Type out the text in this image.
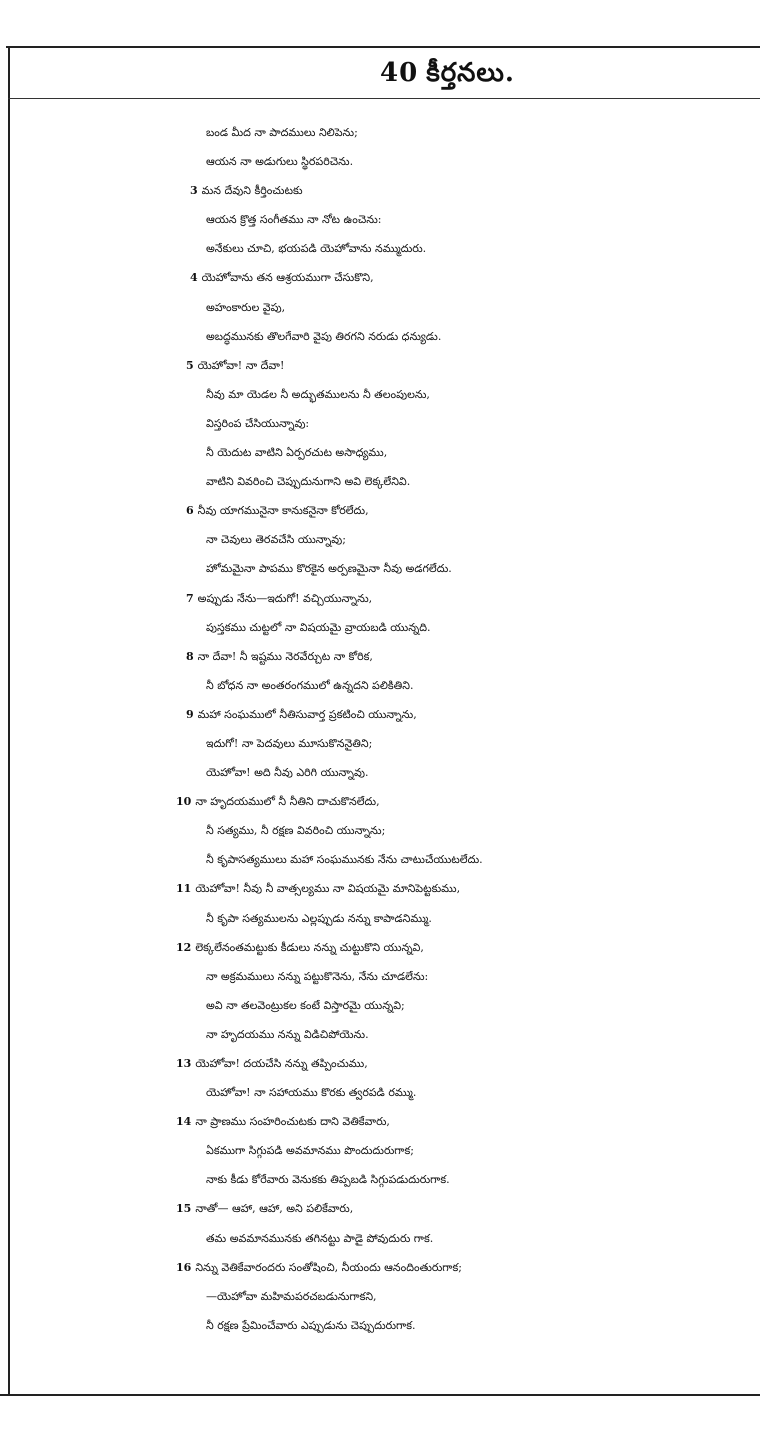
40 కీర్తనలు.
బండ మీద నా పాదములు నిలిపెను;
ఆయన నా అడుగులు స్థిరపరిచెను.
3 మన దేవుని కీర్తించుటకు
ఆయన క్రొత్త సంగీతము నా నోట ఉంచెను:
అనేకులు చూచి, భయపడి యెహోవాను నమ్ముదురు.
4 యెహోవాను తన ఆశ్రయముగా చేసుకొని,
అహంకారుల వైపు,
అబద్ధమునకు తొలగేవారి వైపు తిరగని నరుడు ధన్యుడు.
5 యెహోవా! నా దేవా!
నీవు మా యెడల నీ అద్భుతములను నీ తలంపులను,
విస్తరింప చేసియున్నావు:
నీ యెదుట వాటిని ఏర్పరచుట అసాధ్యము,
వాటిని వివరించి చెప్పుదునుగాని అవి లెక్కలేనివి.
6 నీవు యాగమునైనా కానుకనైనా కోరలేదు,
నా చెవులు తెరవచేసి యున్నావు;
హోమమైనా పాపము కొరకైన అర్పణమైనా నీవు అడగలేదు.
7 అప్పుడు నేను—ఇదుగో! వచ్చియున్నాను,
పుస్తకము చుట్టలో నా విషయమై వ్రాయబడి యున్నది.
8 నా దేవా! నీ ఇష్టము నెరవేర్చుట నా కోరిక,
నీ బోధన నా అంతరంగములో ఉన్నదని పలికితిని.
9 మహా సంఘములో నీతిసువార్త ప్రకటించి యున్నాను,
ఇదుగో! నా పెదవులు మూసుకొననైతిని;
యెహోవా! అది నీవు ఎరిగి యున్నావు.
10 నా హృదయములో నీ నీతిని దాచుకొనలేదు,
నీ సత్యము, నీ రక్షణ వివరించి యున్నాను;
నీ కృపాసత్యములు మహా సంఘమునకు నేను చాటుచేయుటలేదు.
11 యెహోవా! నీవు నీ వాత్సల్యము నా విషయమై మానిపెట్టకుము,
నీ కృపా సత్యములను ఎల్లప్పుడు నన్ను కాపాడనిమ్ము.
12 లెక్కలేనంతమట్టుకు కీడులు నన్ను చుట్టుకొని యున్నవి,
నా అక్రమములు నన్ను పట్టుకొనెను, నేను చూడలేను:
అవి నా తలవెంట్రుకల కంటే విస్తారమై యున్నవి;
నా హృదయము నన్ను విడిచిపోయెను.
13 యెహోవా! దయచేసి నన్ను తప్పించుము,
యెహోవా! నా సహాయము కొరకు త్వరపడి రమ్ము.
14 నా ప్రాణము సంహరించుటకు దాని వెతికేవారు,
ఏకముగా సిగ్గుపడి అవమానము పొందుదురుగాక;
నాకు కీడు కోరేవారు వెనుకకు తిప్పబడి సిగ్గుపడుదురుగాక.
15 నాతో— ఆహా, ఆహా, అని పలికేవారు,
తమ అవమానమునకు తగినట్టు పాడై పోవుదురు గాక.
16 నిన్ను వెతికేవారందరు సంతోషించి, నీయందు ఆనందింతురుగాక;
—యెహోవా మహిమపరచబడునుగాకని,
నీ రక్షణ ప్రేమించేవారు ఎప్పుడును చెప్పుదురుగాక.
